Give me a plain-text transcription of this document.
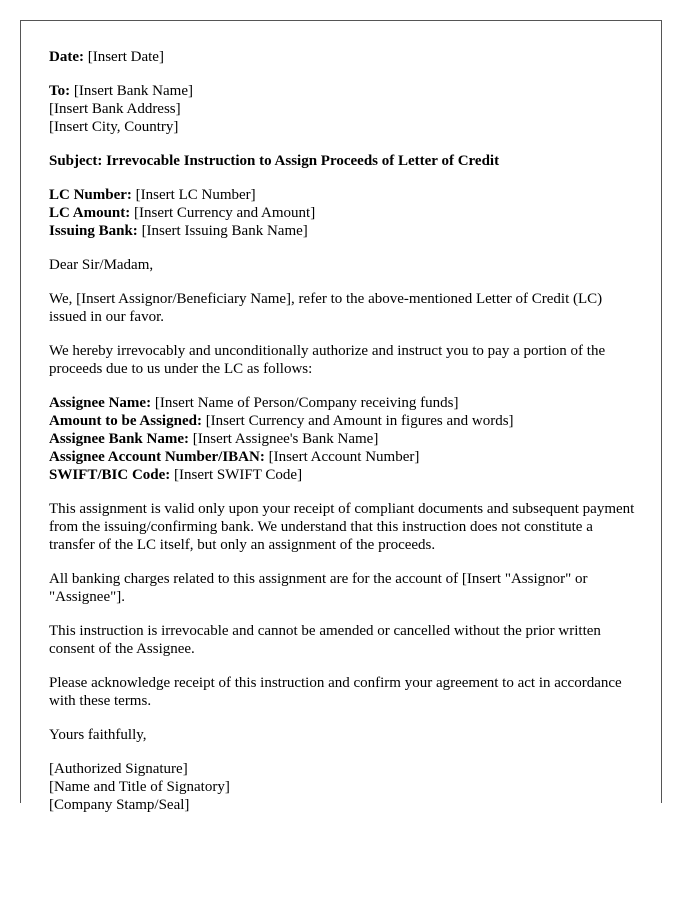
Date: [Insert Date]

To: [Insert Bank Name]
[Insert Bank Address]
[Insert City, Country]

Subject: Irrevocable Instruction to Assign Proceeds of Letter of Credit

LC Number: [Insert LC Number]
LC Amount: [Insert Currency and Amount]
Issuing Bank: [Insert Issuing Bank Name]

Dear Sir/Madam,

We, [Insert Assignor/Beneficiary Name], refer to the above-mentioned Letter of Credit (LC) issued in our favor.

We hereby irrevocably and unconditionally authorize and instruct you to pay a portion of the proceeds due to us under the LC as follows:

Assignee Name: [Insert Name of Person/Company receiving funds]
Amount to be Assigned: [Insert Currency and Amount in figures and words]
Assignee Bank Name: [Insert Assignee's Bank Name]
Assignee Account Number/IBAN: [Insert Account Number]
SWIFT/BIC Code: [Insert SWIFT Code]

This assignment is valid only upon your receipt of compliant documents and subsequent payment from the issuing/confirming bank. We understand that this instruction does not constitute a transfer of the LC itself, but only an assignment of the proceeds.

All banking charges related to this assignment are for the account of [Insert "Assignor" or "Assignee"].

This instruction is irrevocable and cannot be amended or cancelled without the prior written consent of the Assignee.

Please acknowledge receipt of this instruction and confirm your agreement to act in accordance with these terms.

Yours faithfully,

[Authorized Signature]
[Name and Title of Signatory]
[Company Stamp/Seal]
